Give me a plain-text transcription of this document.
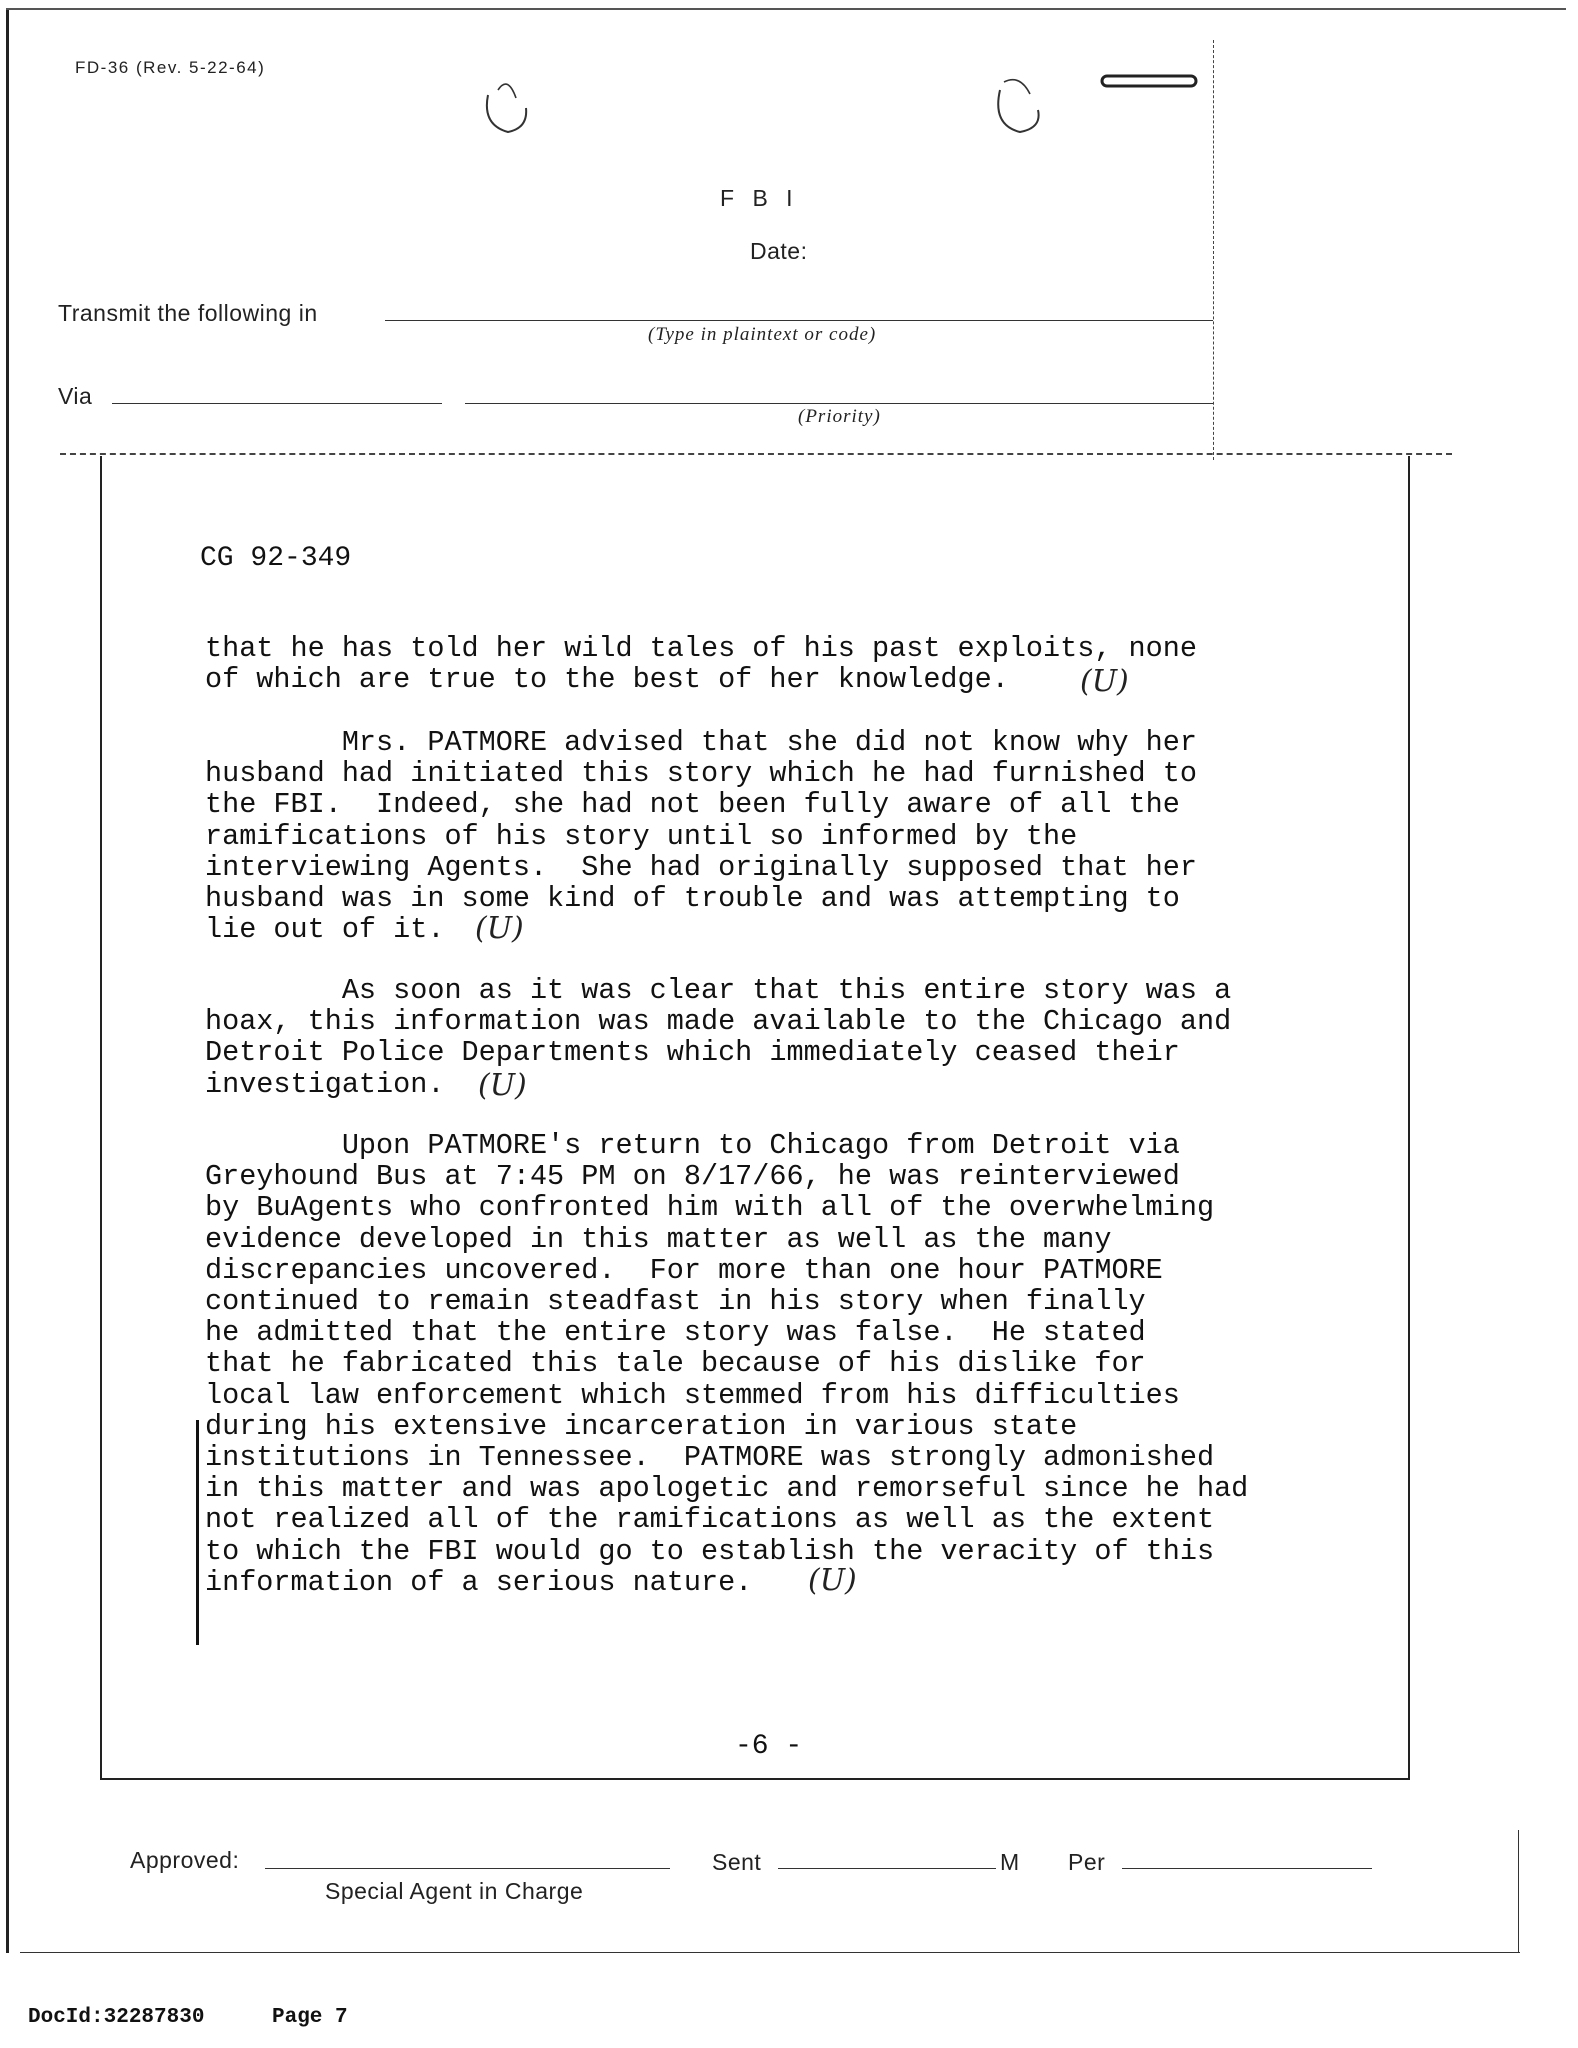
FD-36 (Rev. 5-22-64)
F B I
Date:
Transmit the following in
(Type in plaintext or code)
Via
(Priority)
CG 92-349
that he has told her wild tales of his past exploits, none
of which are true to the best of her knowledge.	(U)
Mrs. PATMORE advised that she did not know why her
husband had initiated this story which he had furnished to
the FBI.  Indeed, she had not been fully aware of all the
ramifications of his story until so informed by the
interviewing Agents.  She had originally supposed that her
husband was in some kind of trouble and was attempting to
lie out of it.	(U)
As soon as it was clear that this entire story was a
hoax, this information was made available to the Chicago and
Detroit Police Departments which immediately ceased their
investigation.	(U)
Upon PATMORE's return to Chicago from Detroit via
Greyhound Bus at 7:45 PM on 8/17/66, he was reinterviewed
by BuAgents who confronted him with all of the overwhelming
evidence developed in this matter as well as the many
discrepancies uncovered.  For more than one hour PATMORE
continued to remain steadfast in his story when finally
he admitted that the entire story was false.  He stated
that he fabricated this tale because of his dislike for
local law enforcement which stemmed from his difficulties
during his extensive incarceration in various state
institutions in Tennessee.  PATMORE was strongly admonished
in this matter and was apologetic and remorseful since he had
not realized all of the ramifications as well as the extent
to which the FBI would go to establish the veracity of this
information of a serious nature.	(U)
-6 -
Approved:
Special Agent in Charge
Sent	M Per
DocId:32287830	Page 7
